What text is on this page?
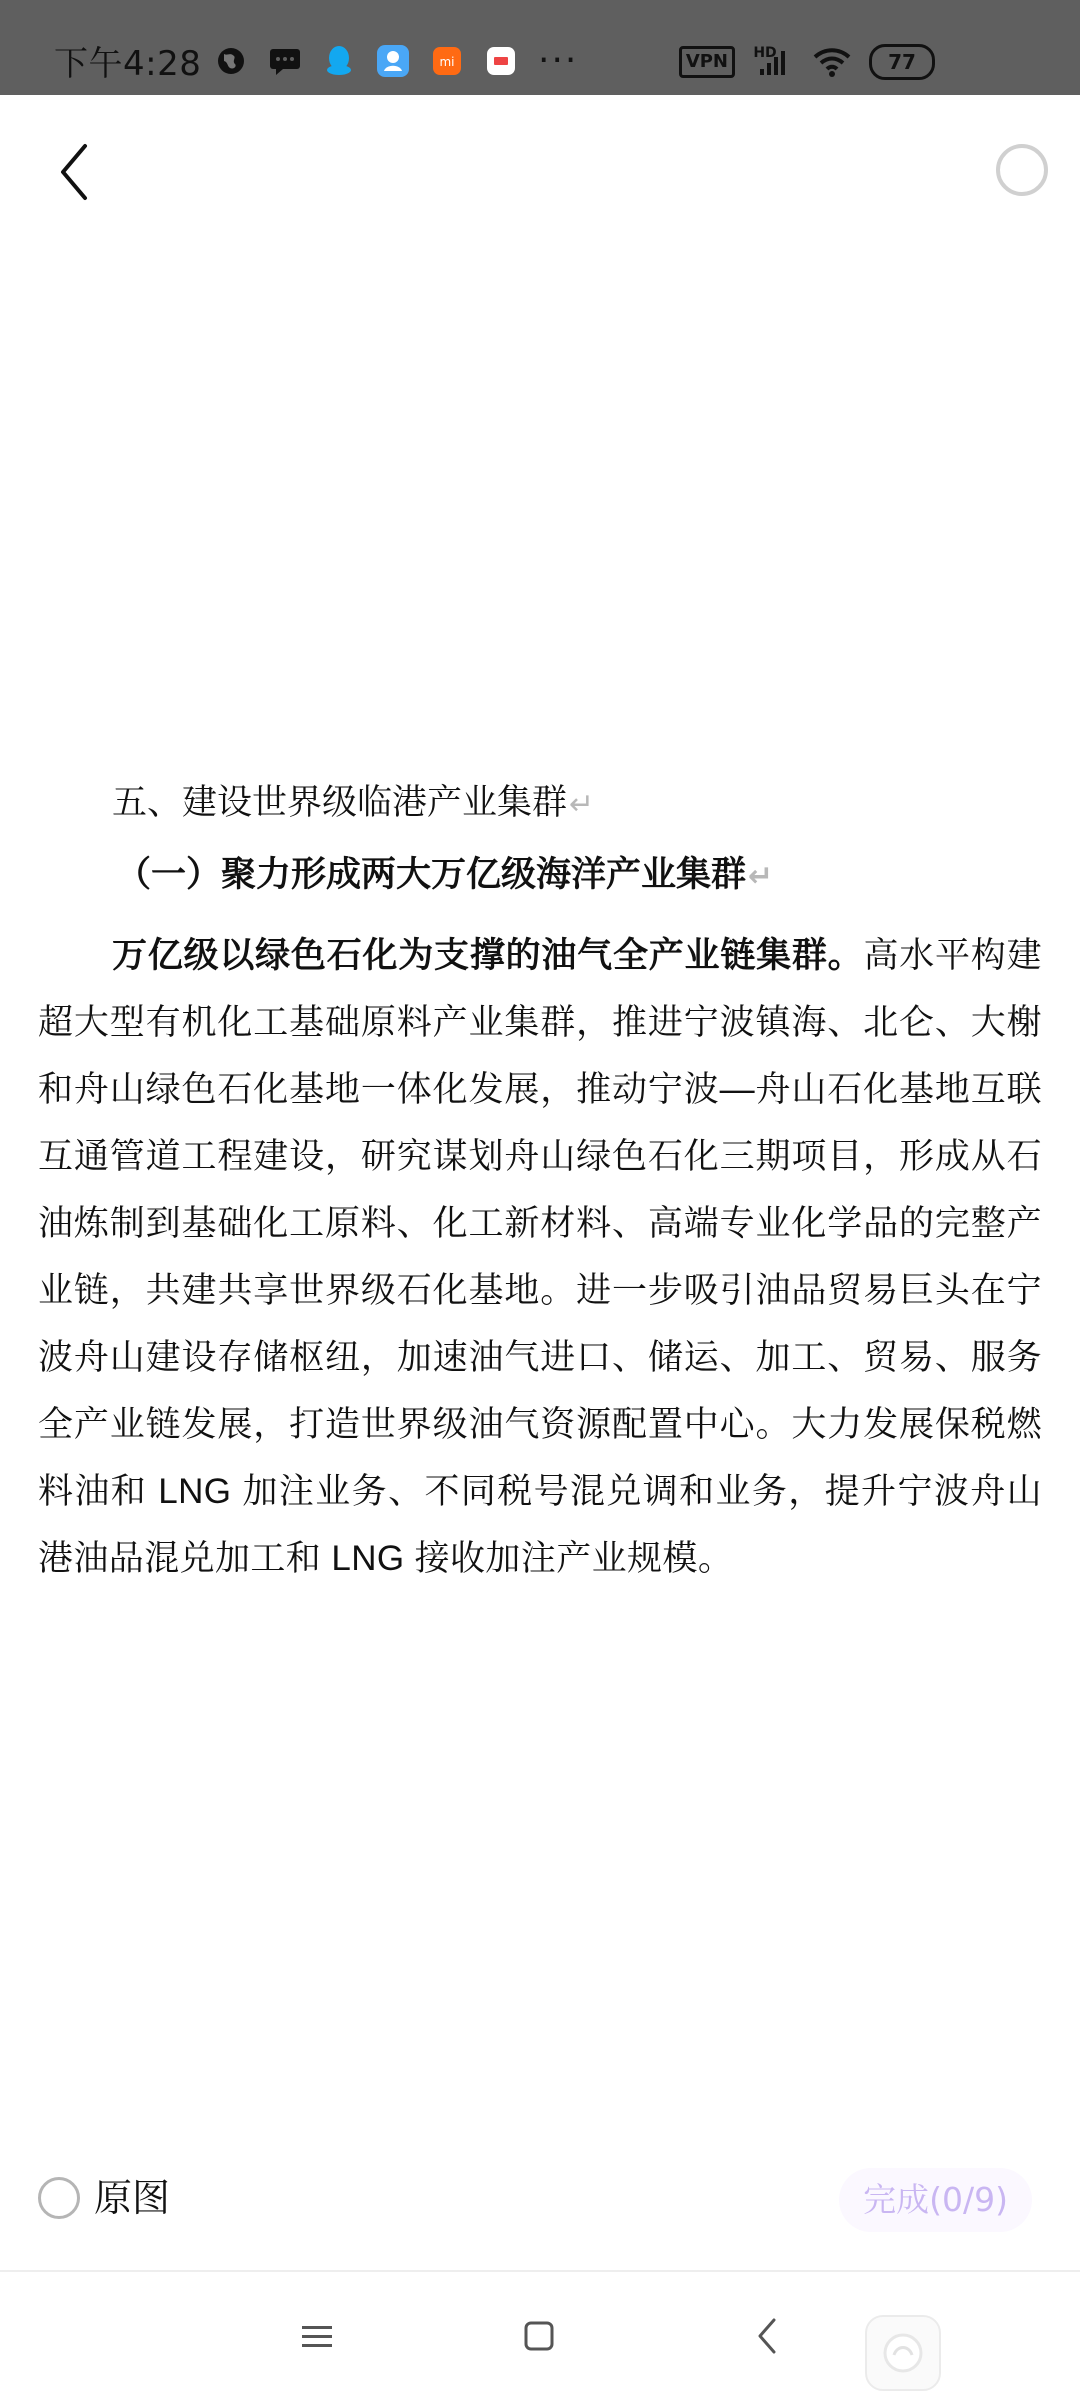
下午4:28	mi ···	VPN	HD	77

五、建设世界级临港产业集群↵

（一）聚力形成两大万亿级海洋产业集群↵

万亿级以绿色石化为支撑的油气全产业链集群。高水平构建超大型有机化工基础原料产业集群，推进宁波镇海、北仑、大榭和舟山绿色石化基地一体化发展，推动宁波—舟山石化基地互联互通管道工程建设，研究谋划舟山绿色石化三期项目，形成从石油炼制到基础化工原料、化工新材料、高端专业化学品的完整产业链，共建共享世界级石化基地。进一步吸引油品贸易巨头在宁波舟山建设存储枢纽，加速油气进口、储运、加工、贸易、服务全产业链发展，打造世界级油气资源配置中心。大力发展保税燃料油和 LNG 加注业务、不同税号混兑调和业务，提升宁波舟山港油品混兑加工和 LNG 接收加注产业规模。

原图	完成(0/9)
